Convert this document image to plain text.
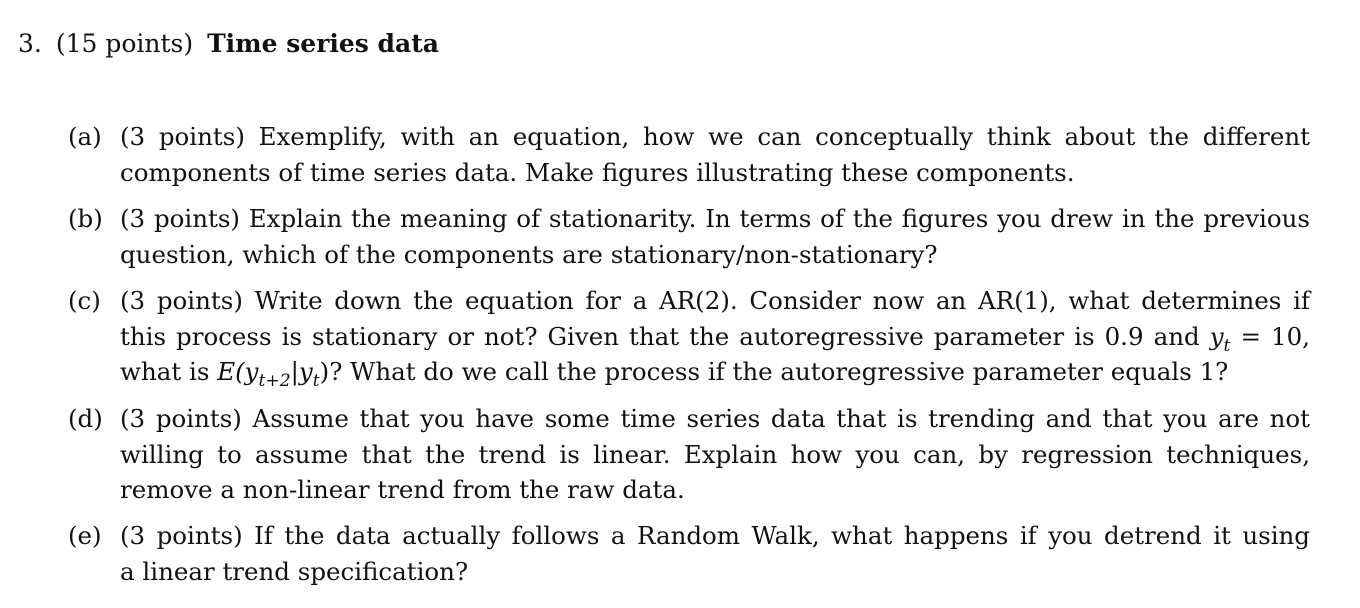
3. (15 points) Time series data
(a) (3 points) Exemplify, with an equation, how we can conceptually think about the different
components of time series data. Make figures illustrating these components.
(b) (3 points) Explain the meaning of stationarity. In terms of the figures you drew in the previous
question, which of the components are stationary/non-stationary?
(c) (3 points) Write down the equation for a AR(2). Consider now an AR(1), what determines if
this process is stationary or not? Given that the autoregressive parameter is 0.9 and $y_t = 10$,
what is $E(y_{t+2}|y_t)$? What do we call the process if the autoregressive parameter equals 1?
(d) (3 points) Assume that you have some time series data that is trending and that you are not
willing to assume that the trend is linear. Explain how you can, by regression techniques,
remove a non-linear trend from the raw data.
(e) (3 points) If the data actually follows a Random Walk, what happens if you detrend it using
a linear trend specification?
